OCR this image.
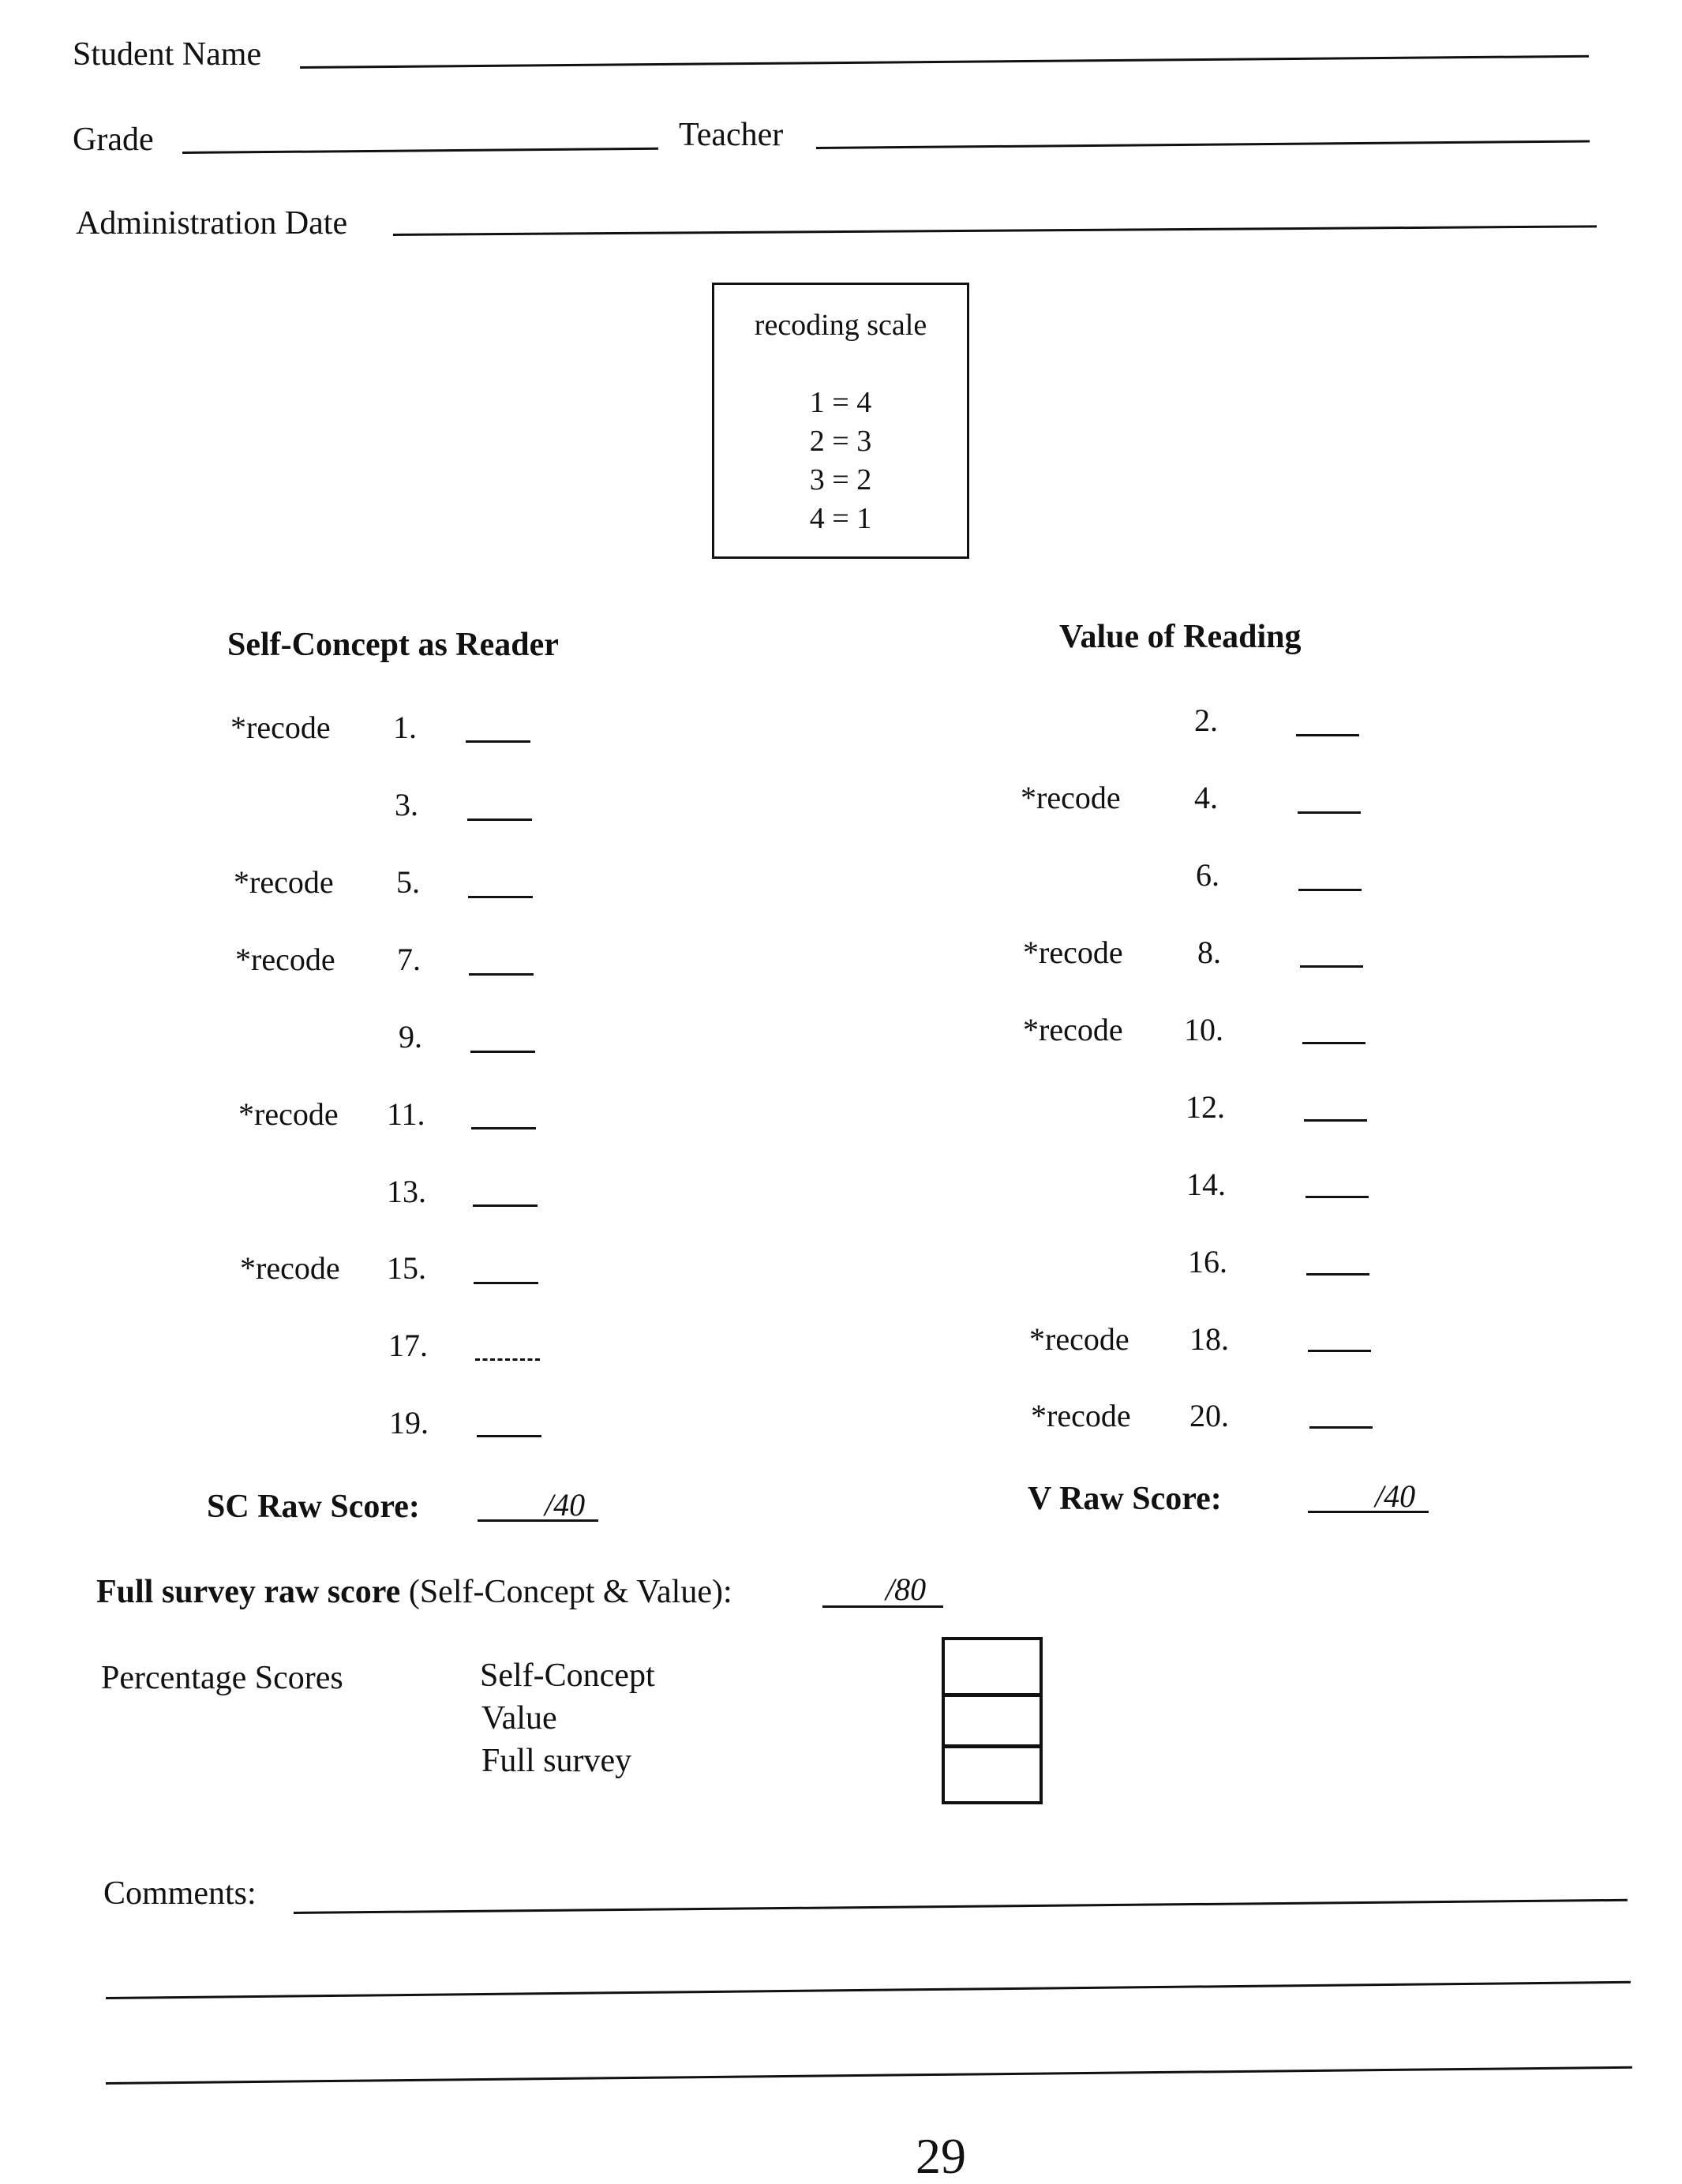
Student Name
Grade	Teacher
Administration Date
recoding scale
1 = 4
2 = 3
3 = 2
4 = 1
Self-Concept as Reader	Value of Reading
*recode 1.
3.
*recode 5.
*recode 7.
9.
*recode 11.
13.
*recode 15.
17.
19.
2.
*recode 4.
6.
*recode 8.
*recode 10.
12.
14.
16.
*recode 18.
*recode 20.
SC Raw Score:	/40	V Raw Score:	/40
Full survey raw score (Self-Concept & Value):	/80
Percentage Scores	Self-Concept
Value
Full survey
Comments:
29
